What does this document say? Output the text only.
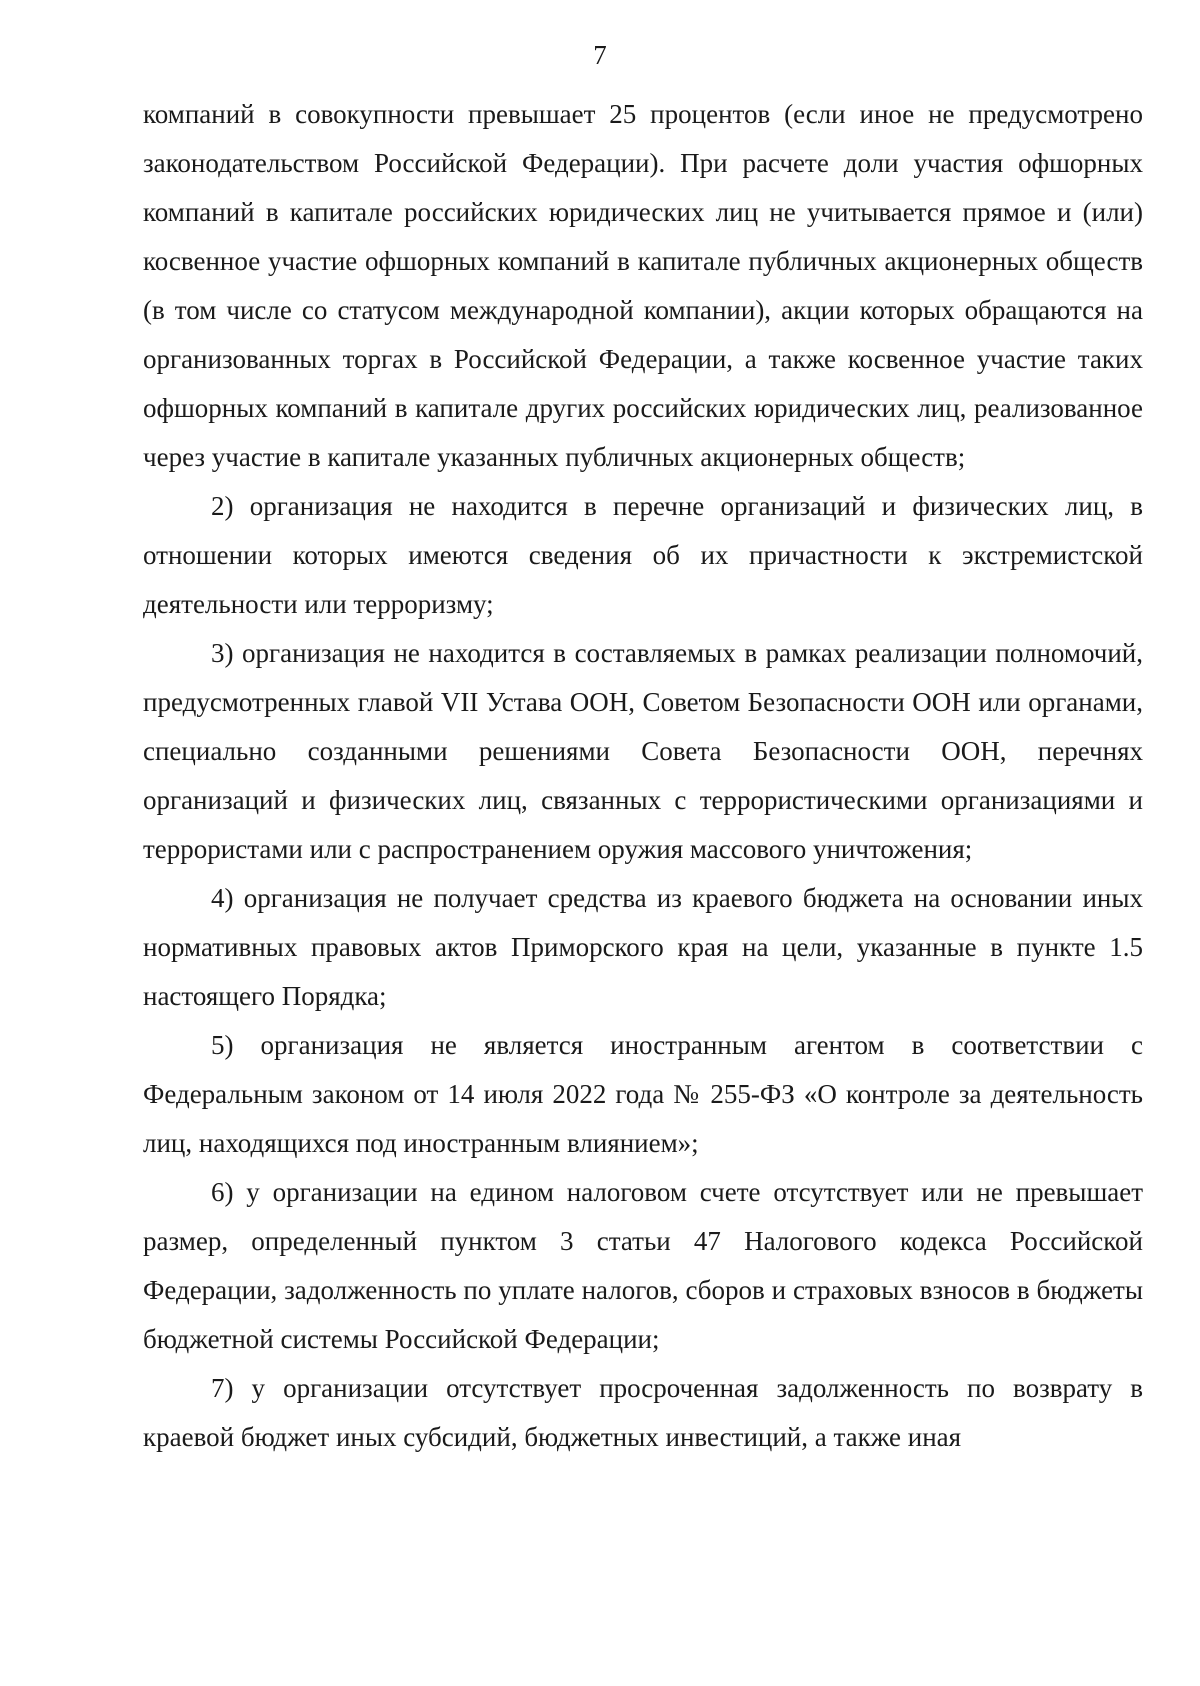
7

компаний в совокупности превышает 25 процентов (если иное не предусмотрено законодательством Российской Федерации). При расчете доли участия офшорных компаний в капитале российских юридических лиц не учитывается прямое и (или) косвенное участие офшорных компаний в капитале публичных акционерных обществ (в том числе со статусом международной компании), акции которых обращаются на организованных торгах в Российской Федерации, а также косвенное участие таких офшорных компаний в капитале других российских юридических лиц, реализованное через участие в капитале указанных публичных акционерных обществ;

2) организация не находится в перечне организаций и физических лиц, в отношении которых имеются сведения об их причастности к экстремистской деятельности или терроризму;

3) организация не находится в составляемых в рамках реализации полномочий, предусмотренных главой VII Устава ООН, Советом Безопасности ООН или органами, специально созданными решениями Совета Безопасности ООН, перечнях организаций и физических лиц, связанных с террористическими организациями и террористами или с распространением оружия массового уничтожения;

4) организация не получает средства из краевого бюджета на основании иных нормативных правовых актов Приморского края на цели, указанные в пункте 1.5 настоящего Порядка;

5) организация не является иностранным агентом в соответствии с Федеральным законом от 14 июля 2022 года № 255-ФЗ «О контроле за деятельность лиц, находящихся под иностранным влиянием»;

6) у организации на едином налоговом счете отсутствует или не превышает размер, определенный пунктом 3 статьи 47 Налогового кодекса Российской Федерации, задолженность по уплате налогов, сборов и страховых взносов в бюджеты бюджетной системы Российской Федерации;

7) у организации отсутствует просроченная задолженность по возврату в краевой бюджет иных субсидий, бюджетных инвестиций, а также иная
